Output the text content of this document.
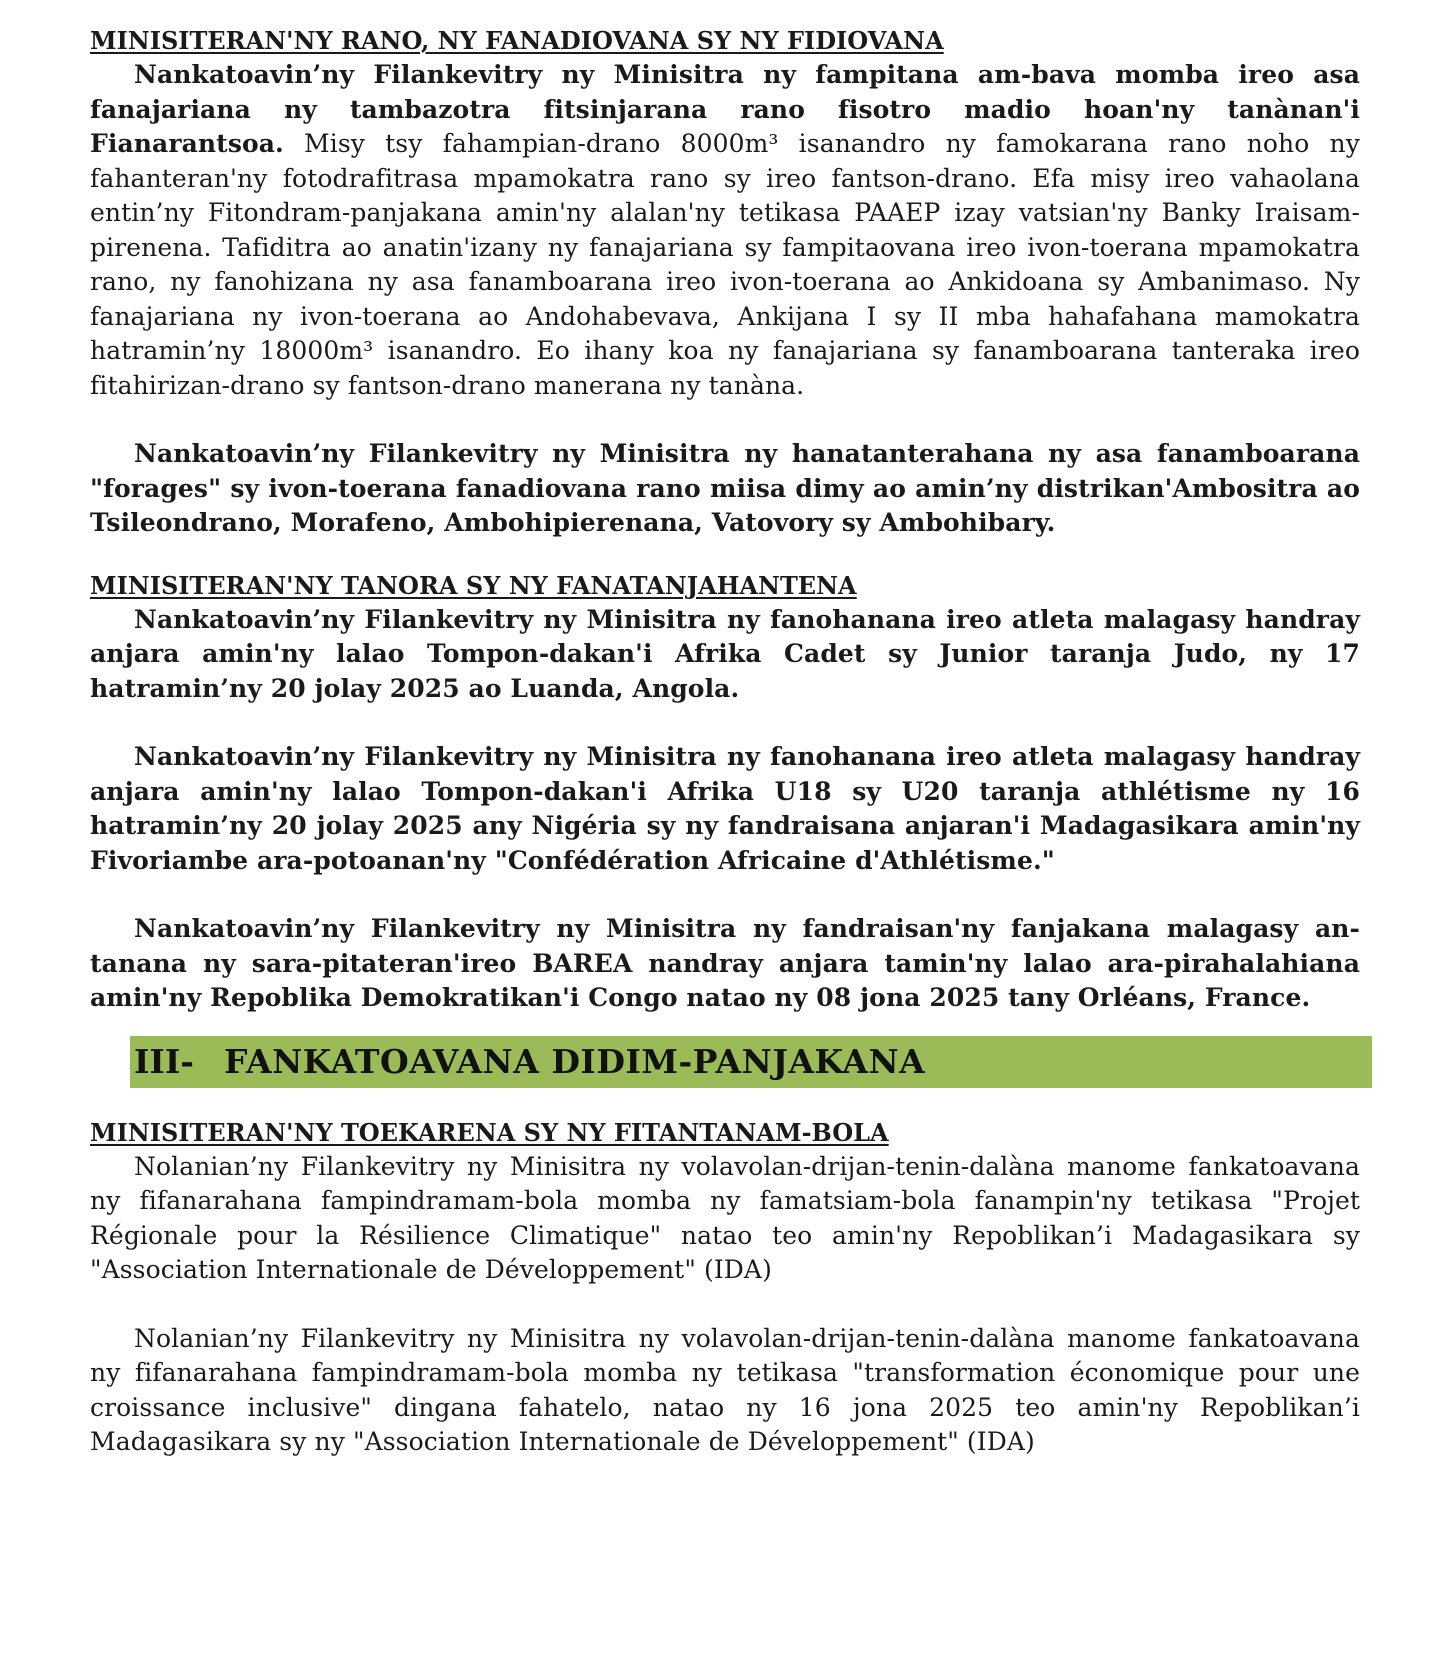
MINISITERAN'NY RANO, NY FANADIOVANA SY NY FIDIOVANA

Nankatoavin’ny Filankevitry ny Minisitra ny fampitana am-bava momba ireo asa fanajariana ny tambazotra fitsinjarana rano fisotro madio hoan'ny tanànan'i Fianarantsoa. Misy tsy fahampian-drano 8000m³ isanandro ny famokarana rano noho ny fahanteran'ny fotodrafitrasa mpamokatra rano sy ireo fantson-drano. Efa misy ireo vahaolana entin’ny Fitondram-panjakana amin'ny alalan'ny tetikasa PAAEP izay vatsian'ny Banky Iraisam-pirenena. Tafiditra ao anatin'izany ny fanajariana sy fampitaovana ireo ivon-toerana mpamokatra rano, ny fanohizana ny asa fanamboarana ireo ivon-toerana ao Ankidoana sy Ambanimaso. Ny fanajariana ny ivon-toerana ao Andohabevava, Ankijana I sy II mba hahafahana mamokatra hatramin’ny 18000m³ isanandro. Eo ihany koa ny fanajariana sy fanamboarana tanteraka ireo fitahirizan-drano sy fantson-drano manerana ny tanàna.

Nankatoavin’ny Filankevitry ny Minisitra ny hanatanterahana ny asa fanamboarana "forages" sy ivon-toerana fanadiovana rano miisa dimy ao amin’ny distrikan'Ambositra ao Tsileondrano, Morafeno, Ambohipierenana, Vatovory sy Ambohibary.

MINISITERAN'NY TANORA SY NY FANATANJAHANTENA

Nankatoavin’ny Filankevitry ny Minisitra ny fanohanana ireo atleta malagasy handray anjara amin'ny lalao Tompon-dakan'i Afrika Cadet sy Junior taranja Judo, ny 17 hatramin’ny 20 jolay 2025 ao Luanda, Angola.

Nankatoavin’ny Filankevitry ny Minisitra ny fanohanana ireo atleta malagasy handray anjara amin'ny lalao Tompon-dakan'i Afrika U18 sy U20 taranja athlétisme ny 16 hatramin’ny 20 jolay 2025 any Nigéria sy ny fandraisana anjaran'i Madagasikara amin'ny Fivoriambe ara-potoanan'ny "Confédération Africaine d'Athlétisme."

Nankatoavin’ny Filankevitry ny Minisitra ny fandraisan'ny fanjakana malagasy an-tanana ny sara-pitateran'ireo BAREA nandray anjara tamin'ny lalao ara-pirahalahiana amin'ny Repoblika Demokratikan'i Congo natao ny 08 jona 2025 tany Orléans, France.

III- FANKATOAVANA DIDIM-PANJAKANA
MINISITERAN'NY TOEKARENA SY NY FITANTANAM-BOLA

Nolanian’ny Filankevitry ny Minisitra ny volavolan-drijan-tenin-dalàna manome fankatoavana ny fifanarahana fampindramam-bola momba ny famatsiam-bola fanampin'ny tetikasa "Projet Régionale pour la Résilience Climatique" natao teo amin'ny Repoblikan’i Madagasikara sy "Association Internationale de Développement" (IDA)

Nolanian’ny Filankevitry ny Minisitra ny volavolan-drijan-tenin-dalàna manome fankatoavana ny fifanarahana fampindramam-bola momba ny tetikasa "transformation économique pour une croissance inclusive" dingana fahatelo, natao ny 16 jona 2025 teo amin'ny Repoblikan’i Madagasikara sy ny "Association Internationale de Développement" (IDA)
